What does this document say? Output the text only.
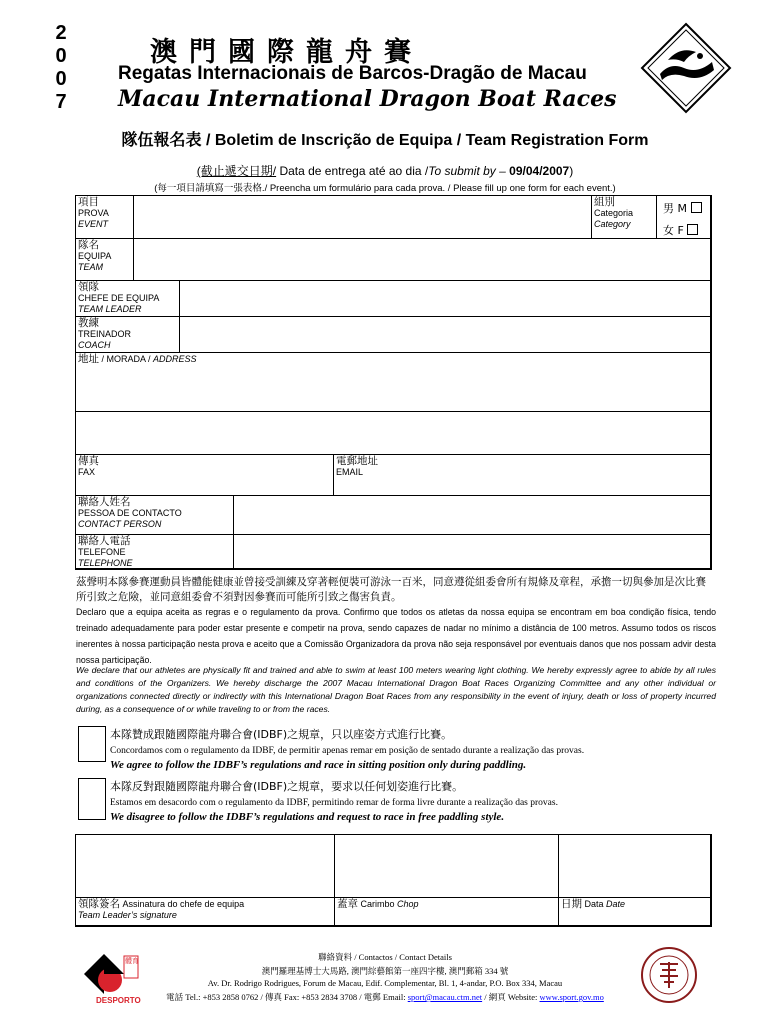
2
0
0
7
澳門國際龍舟賽
Regatas Internacionais de Barcos-Dragão de Macau
Macau International Dragon Boat Races
隊伍報名表 / Boletim de Inscrição de Equipa / Team Registration Form
(截止遞交日期/ Data de entrega até ao dia /To submit by – 09/04/2007)
(每一項目請填寫一張表格./ Preencha um formulário para cada prova. / Please fill up one form for each event.)
項目
PROVA
EVENT
組別
Categoria
Category
男 M
女 F
隊名
EQUIPA
TEAM
領隊
CHEFE DE EQUIPA
TEAM LEADER
教練
TREINADOR
COACH
地址 / MORADA / ADDRESS
傳真
FAX
電郵地址
EMAIL
聯絡人姓名
PESSOA DE CONTACTO
CONTACT PERSON
聯絡人電話
TELEFONE
TELEPHONE
茲聲明本隊參賽運動員皆體能健康並曾接受訓練及穿著輕便裝可游泳一百米，同意遵從組委會所有規條及章程，承擔一切與參加是次比賽所引致之危險，並同意組委會不須對因參賽而可能所引致之傷害負責。
Declaro que a equipa aceita as regras e o regulamento da prova. Confirmo que todos os atletas da nossa equipa se encontram em boa condição física, tendo treinado adequadamente para poder estar presente e competir na prova, sendo capazes de nadar no mínimo a distância de 100 metros. Assumo todos os riscos inerentes à nossa participação nesta prova e aceito que a Comissão Organizadora da prova não seja responsável por eventuais danos que nos possam advir desta nossa participação.
We declare that our athletes are physically fit and trained and able to swim at least 100 meters wearing light clothing. We hereby expressly agree to abide by all rules and conditions of the Organizers. We hereby discharge the 2007 Macau International Dragon Boat Races Organizing Committee and any other individual or organizations connected directly or indirectly with this International Dragon Boat Races from any responsibility in the event of injury, death or loss of property incurred during, as a consequence of or while traveling to or from the races.
本隊贊成跟隨國際龍舟聯合會(IDBF)之規章，只以座姿方式進行比賽。
Concordamos com o regulamento da IDBF, de permitir apenas remar em posição de sentado durante a realização das provas.
We agree to follow the IDBF’s regulations and race in sitting position only during paddling.
本隊反對跟隨國際龍舟聯合會(IDBF)之規章，要求以任何划姿進行比賽。
Estamos em desacordo com o regulamento da IDBF, permitindo remar de forma livre durante a realização das provas.
We disagree to follow the IDBF’s regulations and request to race in free paddling style.
領隊簽名 Assinatura do chefe de equipa
Team Leader’s signature
蓋章 Carimbo Chop	日期 Data Date
聯絡資料 / Contactos / Contact Details
澳門羅理基博士大馬路, 澳門綜藝館第一座四字樓, 澳門郵箱 334 號
Av. Dr. Rodrigo Rodrigues, Forum de Macau, Edif. Complementar, Bl. 1, 4-andar, P.O. Box 334, Macau
電話 Tel.: +853 2858 0762 / 傳真 Fax: +853 2834 3708 / 電郵 Email: sport@macau.ctm.net / 網頁 Website: www.sport.gov.mo
體育
DESPORTO
